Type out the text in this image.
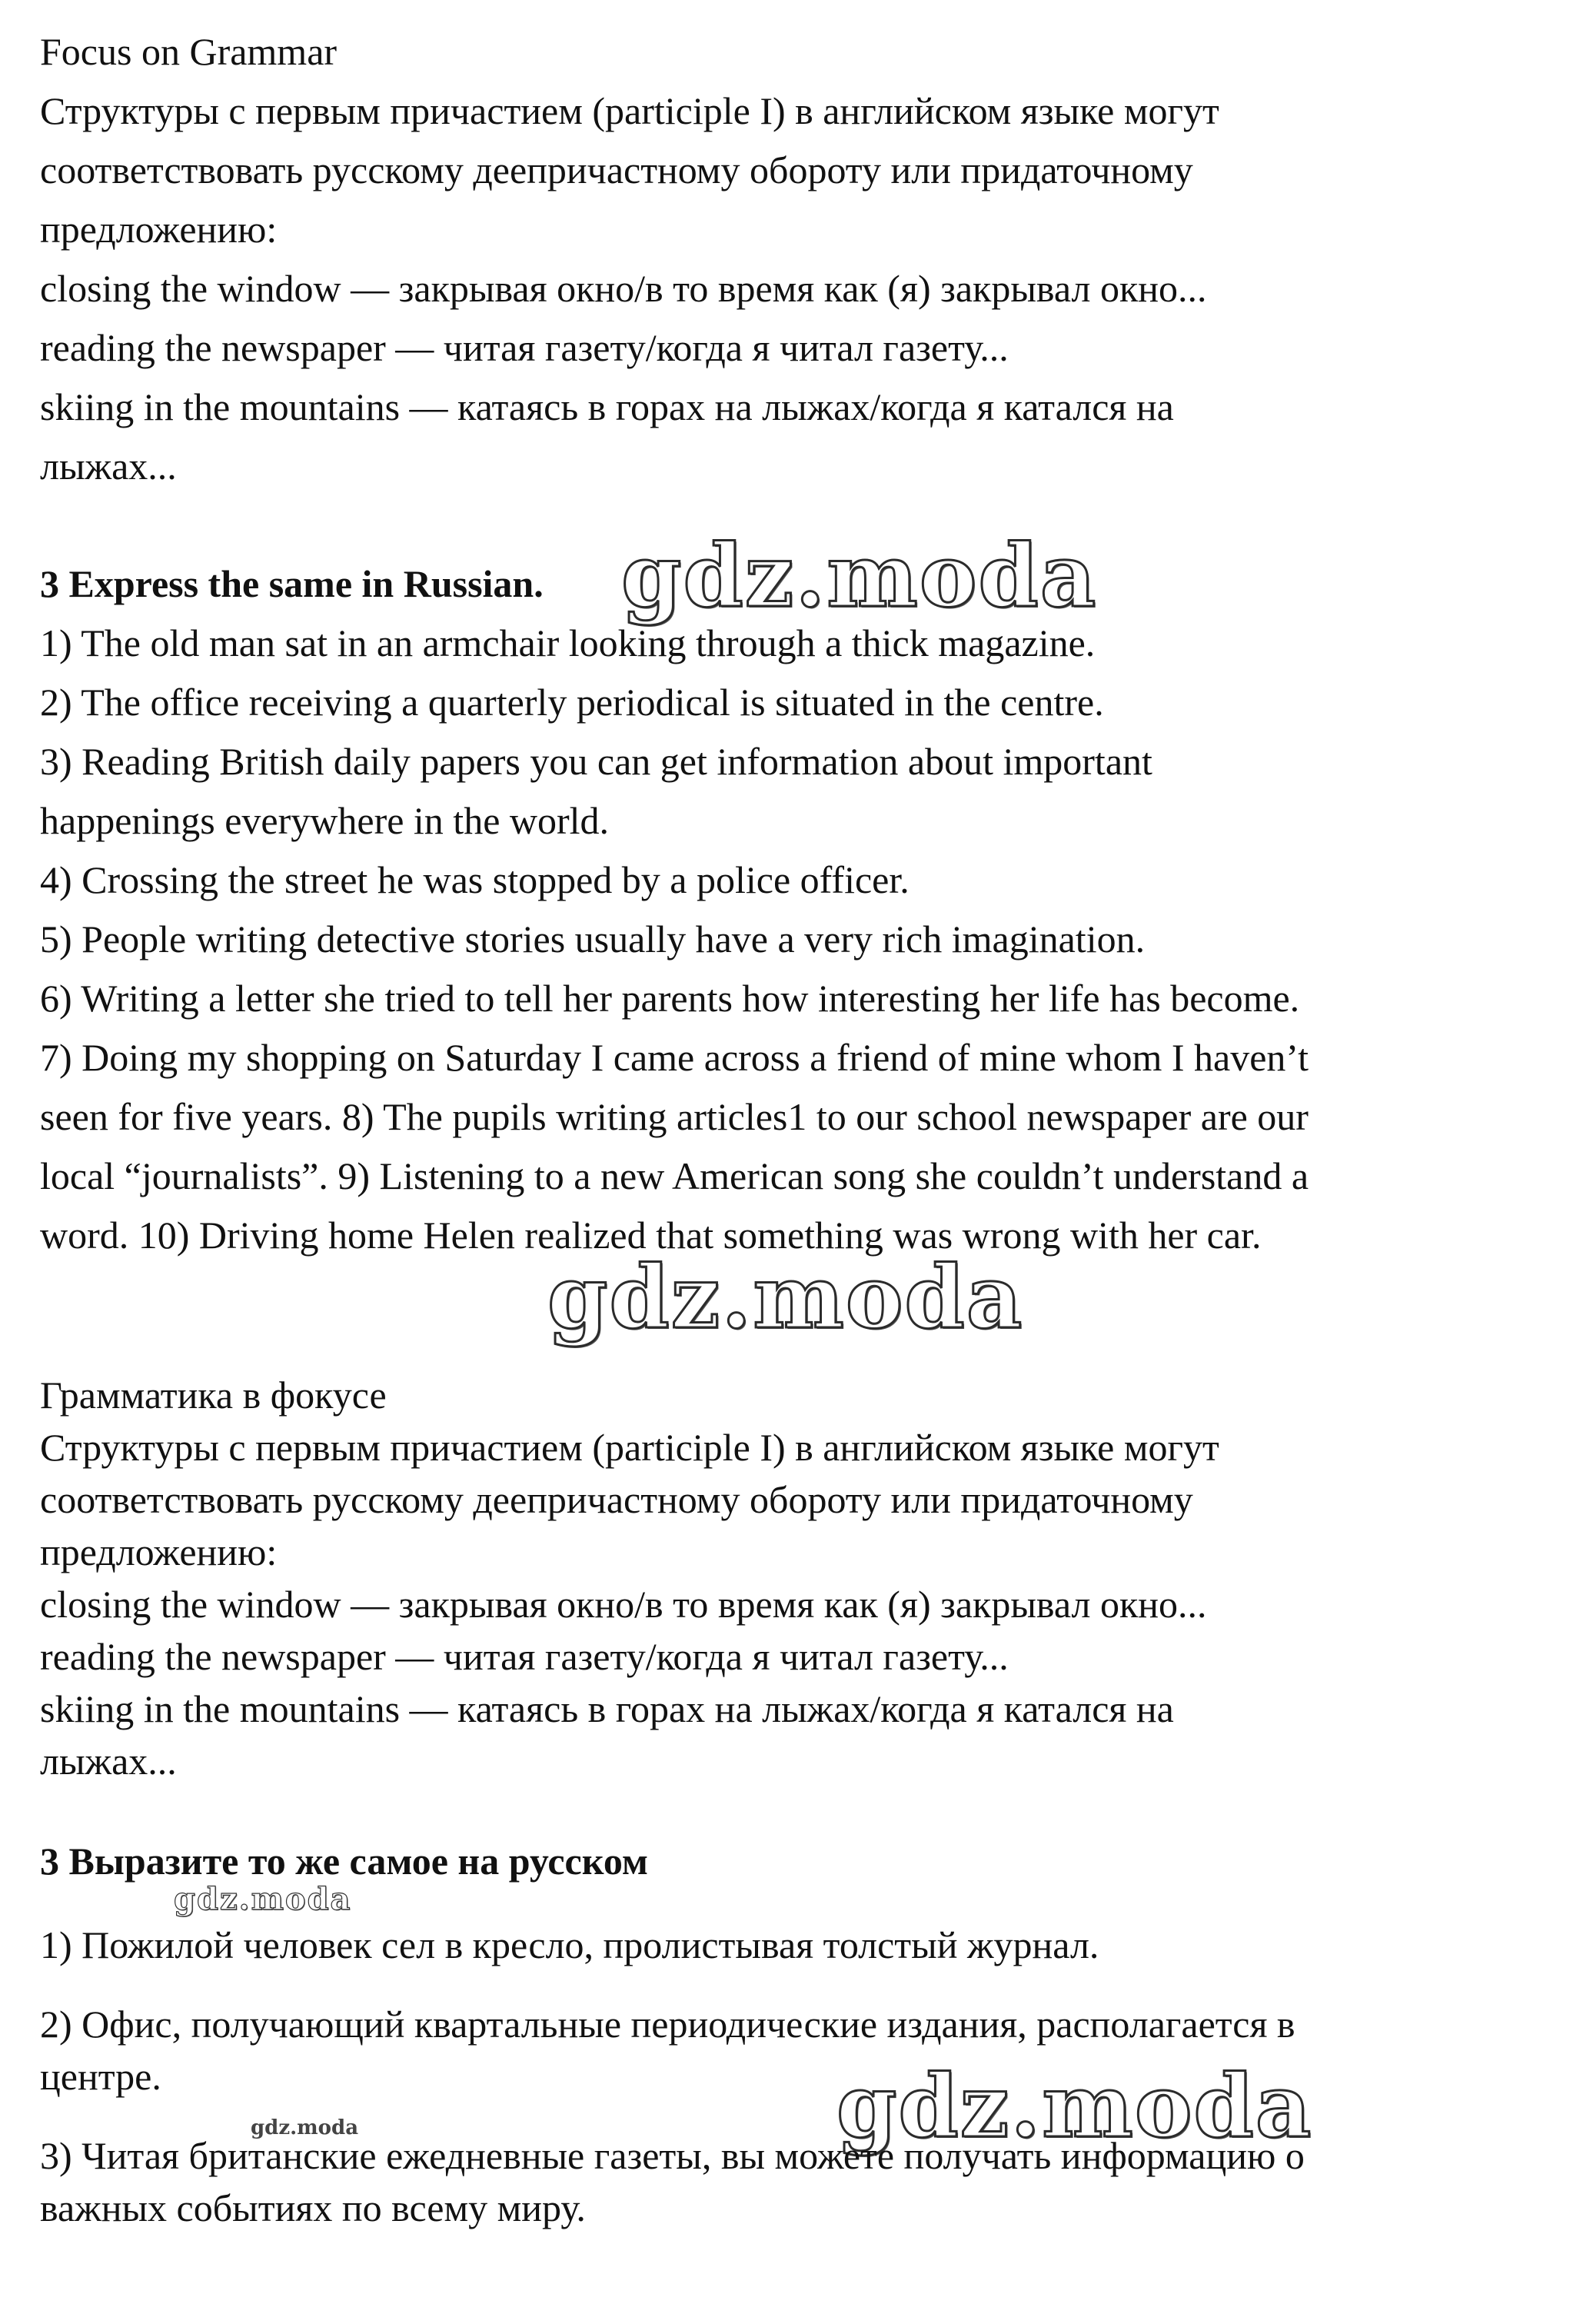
Focus on Grammar

Структуры с первым причастием (participle I) в английском языке могут

соответствовать русскому деепричастному обороту или придаточному

предложению:

closing the window — закрывая окно/в то время как (я) закрывал окно...

reading the newspaper — читая газету/когда я читал газету...

skiing in the mountains — катаясь в горах на лыжах/когда я катался на

лыжах...

3 Express the same in Russian. gdz.moda

1) The old man sat in an armchair looking through a thick magazine.

2) The office receiving a quarterly periodical is situated in the centre.

3) Reading British daily papers you can get information about important

happenings everywhere in the world.

4) Crossing the street he was stopped by a police officer.

5) People writing detective stories usually have a very rich imagination.

6) Writing a letter she tried to tell her parents how interesting her life has become.

7) Doing my shopping on Saturday I came across a friend of mine whom I haven’t

seen for five years. 8) The pupils writing articles1 to our school newspaper are our

local “journalists”. 9) Listening to a new American song she couldn’t understand a

word. 10) Driving home Helen realized that something was wrong with her car.

gdz.moda

Грамматика в фокусе

Структуры с первым причастием (participle I) в английском языке могут

соответствовать русскому деепричастному обороту или придаточному

предложению:

closing the window — закрывая окно/в то время как (я) закрывал окно...

reading the newspaper — читая газету/когда я читал газету...

skiing in the mountains — катаясь в горах на лыжах/когда я катался на

лыжах...

3 Выразите то же самое на русском

gdz.moda

1) Пожилой человек сел в кресло, пролистывая толстый журнал.

2) Офис, получающий квартальные периодические издания, располагается в

центре.	gdz.moda
gdz.moda

3) Читая британские ежедневные газеты, вы можете получать информацию о

важных событиях по всему миру.
